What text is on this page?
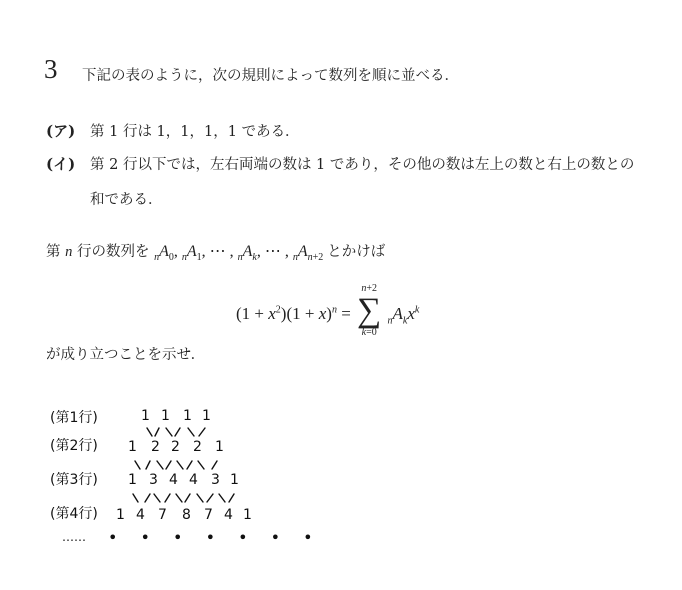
3 下記の表のように，次の規則によって数列を順に並べる．
(ア) 第 1 行は 1，1，1，1 である．
(イ) 第 2 行以下では，左右両端の数は 1 であり，その他の数は左上の数と右上の数との
和である．
第 n 行の数列を $_nA_0$, $_nA_1$, ⋯ , $_nA_k$, ⋯ , $_nA_{n+2}$ とかけば
$(1 + x^2)(1 + x)^n$ =
n+2
∑
k=0
$_nA_kx^k$
が成り立つことを示せ．
(第1行)
(第2行)
(第3行)
(第4行)
1 1 1 1
1 2 2 2 1
1 3 4 4 3 1
1 4 7 8 7 4 1
…… • • • • • • •
